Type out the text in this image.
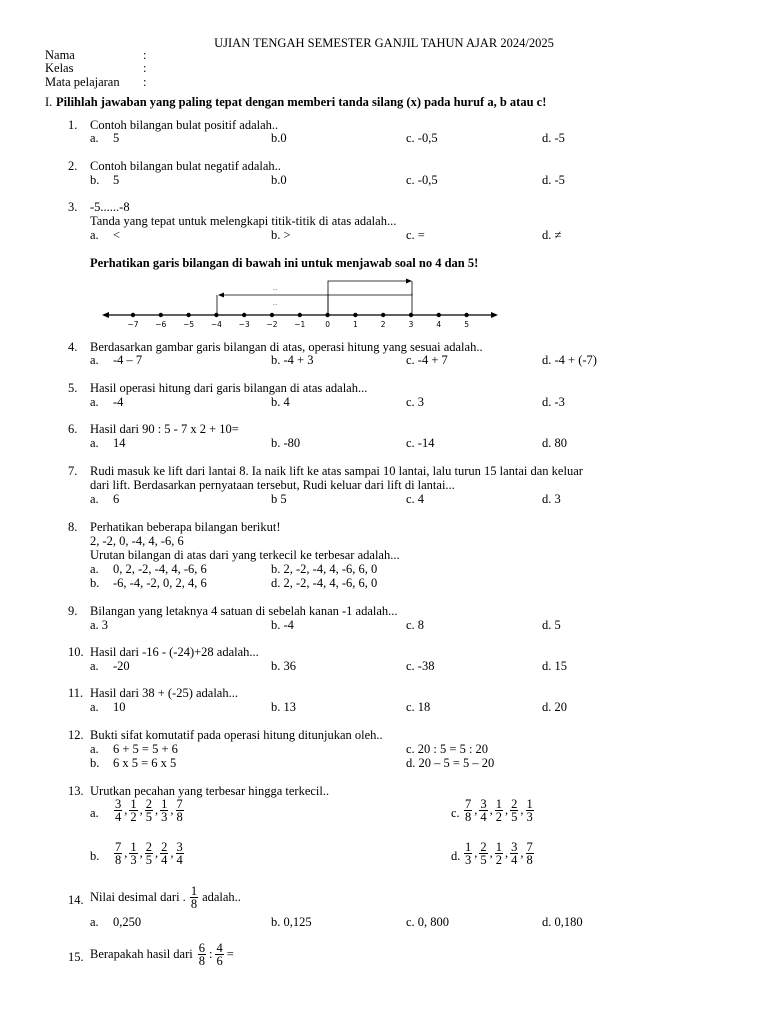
UJIAN TENGAH SEMESTER GANJIL TAHUN AJAR 2024/2025
Nama	:
Kelas	:
Mata pelajaran :
I. Pilihlah jawaban yang paling tepat dengan memberi tanda silang (x) pada huruf a, b atau c!
1. Contoh bilangan bulat positif adalah..
a. 5	b.0	c. -0,5	d. -5
2. Contoh bilangan bulat negatif adalah..
b. 5	b.0	c. -0,5	d. -5
3. -5......-8
Tanda yang tepat untuk melengkapi titik-titik di atas adalah...
a. <	b. >	c. =	d. ≠
Perhatikan garis bilangan di bawah ini untuk menjawab soal no 4 dan 5!
...
...
−7 −6 −5 −4 −3 −2 −1	0	1	2	3	4	5
4. Berdasarkan gambar garis bilangan di atas, operasi hitung yang sesuai adalah..
a. -4 – 7	b. -4 + 3	c. -4 + 7	d. -4 + (-7)
5. Hasil operasi hitung dari garis bilangan di atas adalah...
a. -4	b. 4	c. 3	d. -3
6. Hasil dari 90 : 5 - 7 x 2 + 10=
a. 14	b. -80	c. -14	d. 80
7. Rudi masuk ke lift dari lantai 8. Ia naik lift ke atas sampai 10 lantai, lalu turun 15 lantai dan keluar
dari lift. Berdasarkan pernyataan tersebut, Rudi keluar dari lift di lantai...
a. 6	b 5	c. 4	d. 3
8. Perhatikan beberapa bilangan berikut!
2, -2, 0, -4, 4, -6, 6
Urutan bilangan di atas dari yang terkecil ke terbesar adalah...
a. 0, 2, -2, -4, 4, -6, 6	b. 2, -2, -4, 4, -6, 6, 0
b. -6, -4, -2, 0, 2, 4, 6	d. 2, -2, -4, 4, -6, 6, 0
9. Bilangan yang letaknya 4 satuan di sebelah kanan -1 adalah...
a. 3	b. -4	c. 8	d. 5
10. Hasil dari -16 - (-24)+28 adalah...
a. -20	b. 36	c. -38	d. 15
11. Hasil dari 38 + (-25) adalah...
a. 10	b. 13	c. 18	d. 20
12. Bukti sifat komutatif pada operasi hitung ditunjukan oleh..
a. 6 + 5 = 5 + 6	c. 20 : 5 = 5 : 20
b. 6 x 5 = 6 x 5	d. 20 – 5 = 5 – 20
13. Urutkan pecahan yang terbesar hingga terkecil..
a. $\frac{3}{4}$ , $\frac{1}{2}$ , $\frac{2}{5}$ , $\frac{1}{3}$ , $\frac{7}{8}$	c. $\frac{7}{8}$ , $\frac{3}{4}$ , $\frac{1}{2}$ , $\frac{2}{5}$ , $\frac{1}{3}$
b. $\frac{7}{8}$ , $\frac{1}{3}$ , $\frac{2}{5}$ , $\frac{2}{4}$ , $\frac{3}{4}$	d. $\frac{1}{3}$ , $\frac{2}{5}$ , $\frac{1}{2}$ , $\frac{3}{4}$ , $\frac{7}{8}$
14. Nilai desimal dari . $\frac{1}{8}$ adalah..
a. 0,250	b. 0,125	c. 0, 800	d. 0,180
15. Berapakah hasil dari $\frac{6}{8}$ : $\frac{4}{6}$ =
